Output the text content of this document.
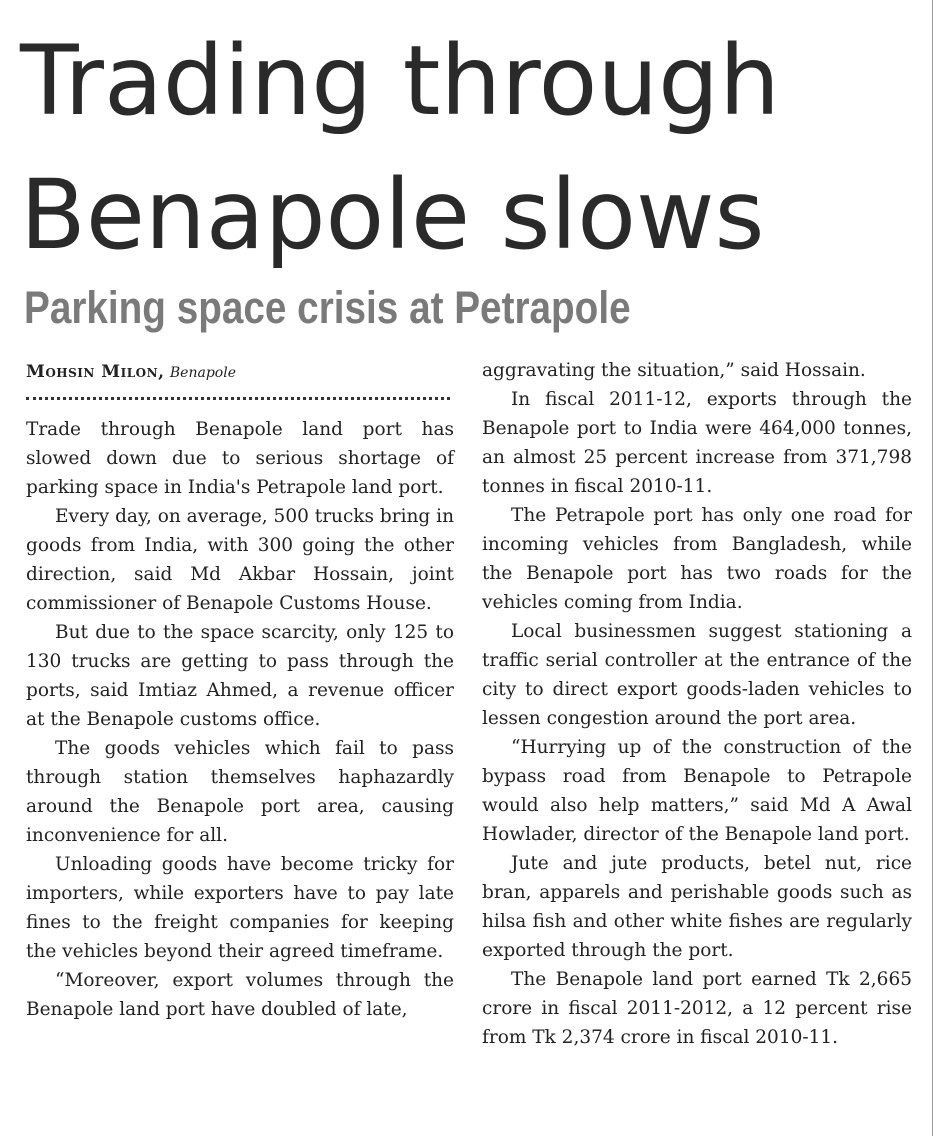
Trading through
Benapole slows
Parking space crisis at Petrapole
Mohsin Milon, Benapole

Trade through Benapole land port has slowed down due to serious shortage of parking space in India's Petrapole land port.

Every day, on average, 500 trucks bring in goods from India, with 300 going the other direction, said Md Akbar Hossain, joint commissioner of Benapole Customs House.

But due to the space scarcity, only 125 to 130 trucks are getting to pass through the ports, said Imtiaz Ahmed, a revenue officer at the Benapole customs office.

The goods vehicles which fail to pass through station themselves haphazardly around the Benapole port area, causing inconvenience for all.

Unloading goods have become tricky for importers, while exporters have to pay late fines to the freight companies for keeping the vehicles beyond their agreed timeframe.

“Moreover, export volumes through the Benapole land port have doubled of late,

aggravating the situation,” said Hossain.

In fiscal 2011-12, exports through the Benapole port to India were 464,000 tonnes, an almost 25 percent increase from 371,798 tonnes in fiscal 2010-11.

The Petrapole port has only one road for incoming vehicles from Bangladesh, while the Benapole port has two roads for the vehicles coming from India.

Local businessmen suggest stationing a traffic serial controller at the entrance of the city to direct export goods-laden vehicles to lessen congestion around the port area.

“Hurrying up of the construction of the bypass road from Benapole to Petrapole would also help matters,” said Md A Awal Howlader, director of the Benapole land port.

Jute and jute products, betel nut, rice bran, apparels and perishable goods such as hilsa fish and other white fishes are regularly exported through the port.

The Benapole land port earned Tk 2,665 crore in fiscal 2011-2012, a 12 percent rise from Tk 2,374 crore in fiscal 2010-11.
